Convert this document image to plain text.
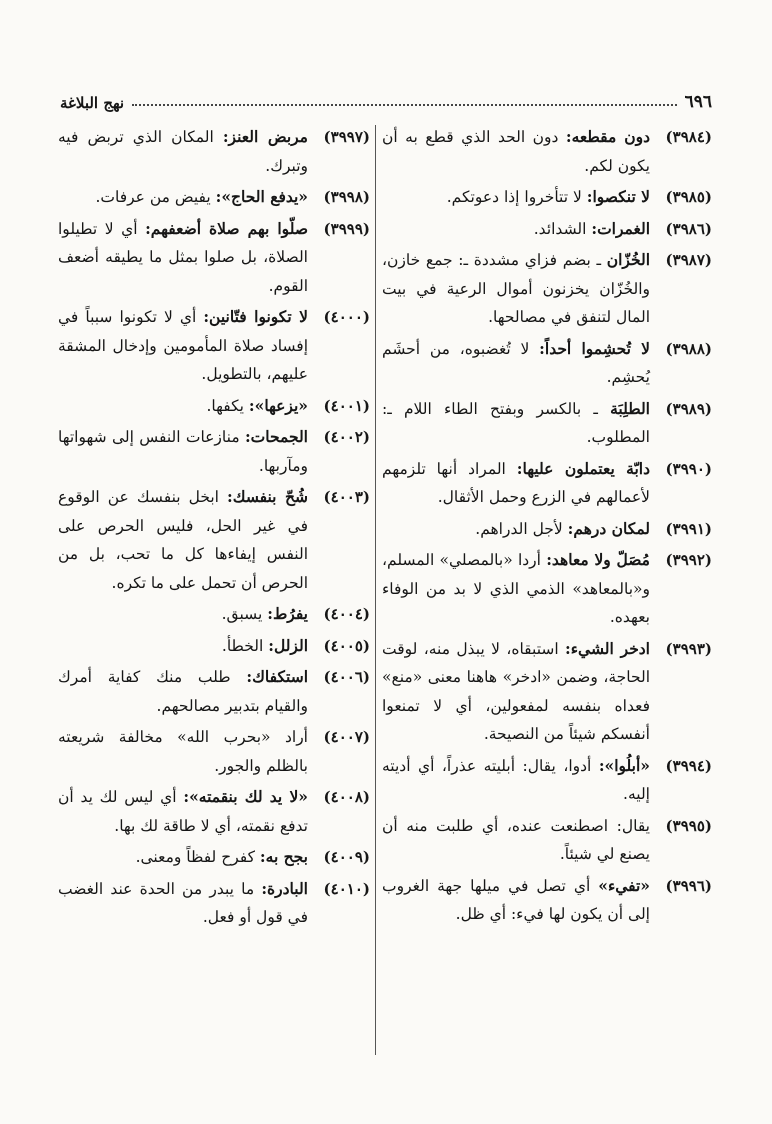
٦٩٦
نهج البلاغة
(٣٩٨٤)
دون مقطعه: دون الحد الذي قطع به أن يكون لكم.
(٣٩٨٥)
لا تنكصوا: لا تتأخروا إذا دعوتكم.
(٣٩٨٦)
الغمرات: الشدائد.
(٣٩٨٧)
الخُزّان ـ بضم فزاي مشددة ـ: جمع خازن، والخُزّان يخزنون أموال الرعية في بيت المال لتنفق في مصالحها.
(٣٩٨٨)
لا تُحشِموا أحداً: لا تُغضبوه، من أحشَم يُحشِم.
(٣٩٨٩)
الطلِبَة ـ بالكسر وبفتح الطاء اللام ـ: المطلوب.
(٣٩٩٠)
دابّة يعتملون عليها: المراد أنها تلزمهم لأعمالهم في الزرع وحمل الأثقال.
(٣٩٩١)
لمكان درهم: لأجل الدراهم.
(٣٩٩٢)
مُصَلّ ولا معاهد: أردا «بالمصلي» المسلم، و«بالمعاهد» الذمي الذي لا بد من الوفاء بعهده.
(٣٩٩٣)
ادخر الشيء: استبقاه، لا يبذل منه، لوقت الحاجة، وضمن «ادخر» هاهنا معنى «منع» فعداه بنفسه لمفعولين، أي لا تمنعوا أنفسكم شيئاً من النصيحة.
(٣٩٩٤)
«أبلُوا»: أدوا، يقال: أبليته عذراً، أي أديته إليه.
(٣٩٩٥)
يقال: اصطنعت عنده، أي طلبت منه أن يصنع لي شيئاً.
(٣٩٩٦)
«تفيء» أي تصل في ميلها جهة الغروب إلى أن يكون لها فيء: أي ظل.
(٣٩٩٧)
مربض العنز: المكان الذي تربض فيه وتبرك.
(٣٩٩٨)
«يدفع الحاج»: يفيض من عرفات.
(٣٩٩٩)
صلّوا بهم صلاة أضعفهم: أي لا تطيلوا الصلاة، بل صلوا بمثل ما يطيقه أضعف القوم.
(٤٠٠٠)
لا تكونوا فتّانين: أي لا تكونوا سبباً في إفساد صلاة المأمومين وإدخال المشقة عليهم، بالتطويل.
(٤٠٠١)
«يزعها»: يكفها.
(٤٠٠٢)
الجمحات: منازعات النفس إلى شهواتها ومآربها.
(٤٠٠٣)
شُحّ بنفسك: ابخل بنفسك عن الوقوع في غير الحل، فليس الحرص على النفس إيفاءها كل ما تحب، بل من الحرص أن تحمل على ما تكره.
(٤٠٠٤)
يفرُط: يسبق.
(٤٠٠٥)
الزلل: الخطأ.
(٤٠٠٦)
استكفاك: طلب منك كفاية أمرك والقيام بتدبير مصالحهم.
(٤٠٠٧)
أراد «بحرب الله» مخالفة شريعته بالظلم والجور.
(٤٠٠٨)
«لا يد لك بنقمته»: أي ليس لك يد أن تدفع نقمته، أي لا طاقة لك بها.
(٤٠٠٩)
بجح به: كفرح لفظاً ومعنى.
(٤٠١٠)
البادرة: ما يبدر من الحدة عند الغضب في قول أو فعل.
